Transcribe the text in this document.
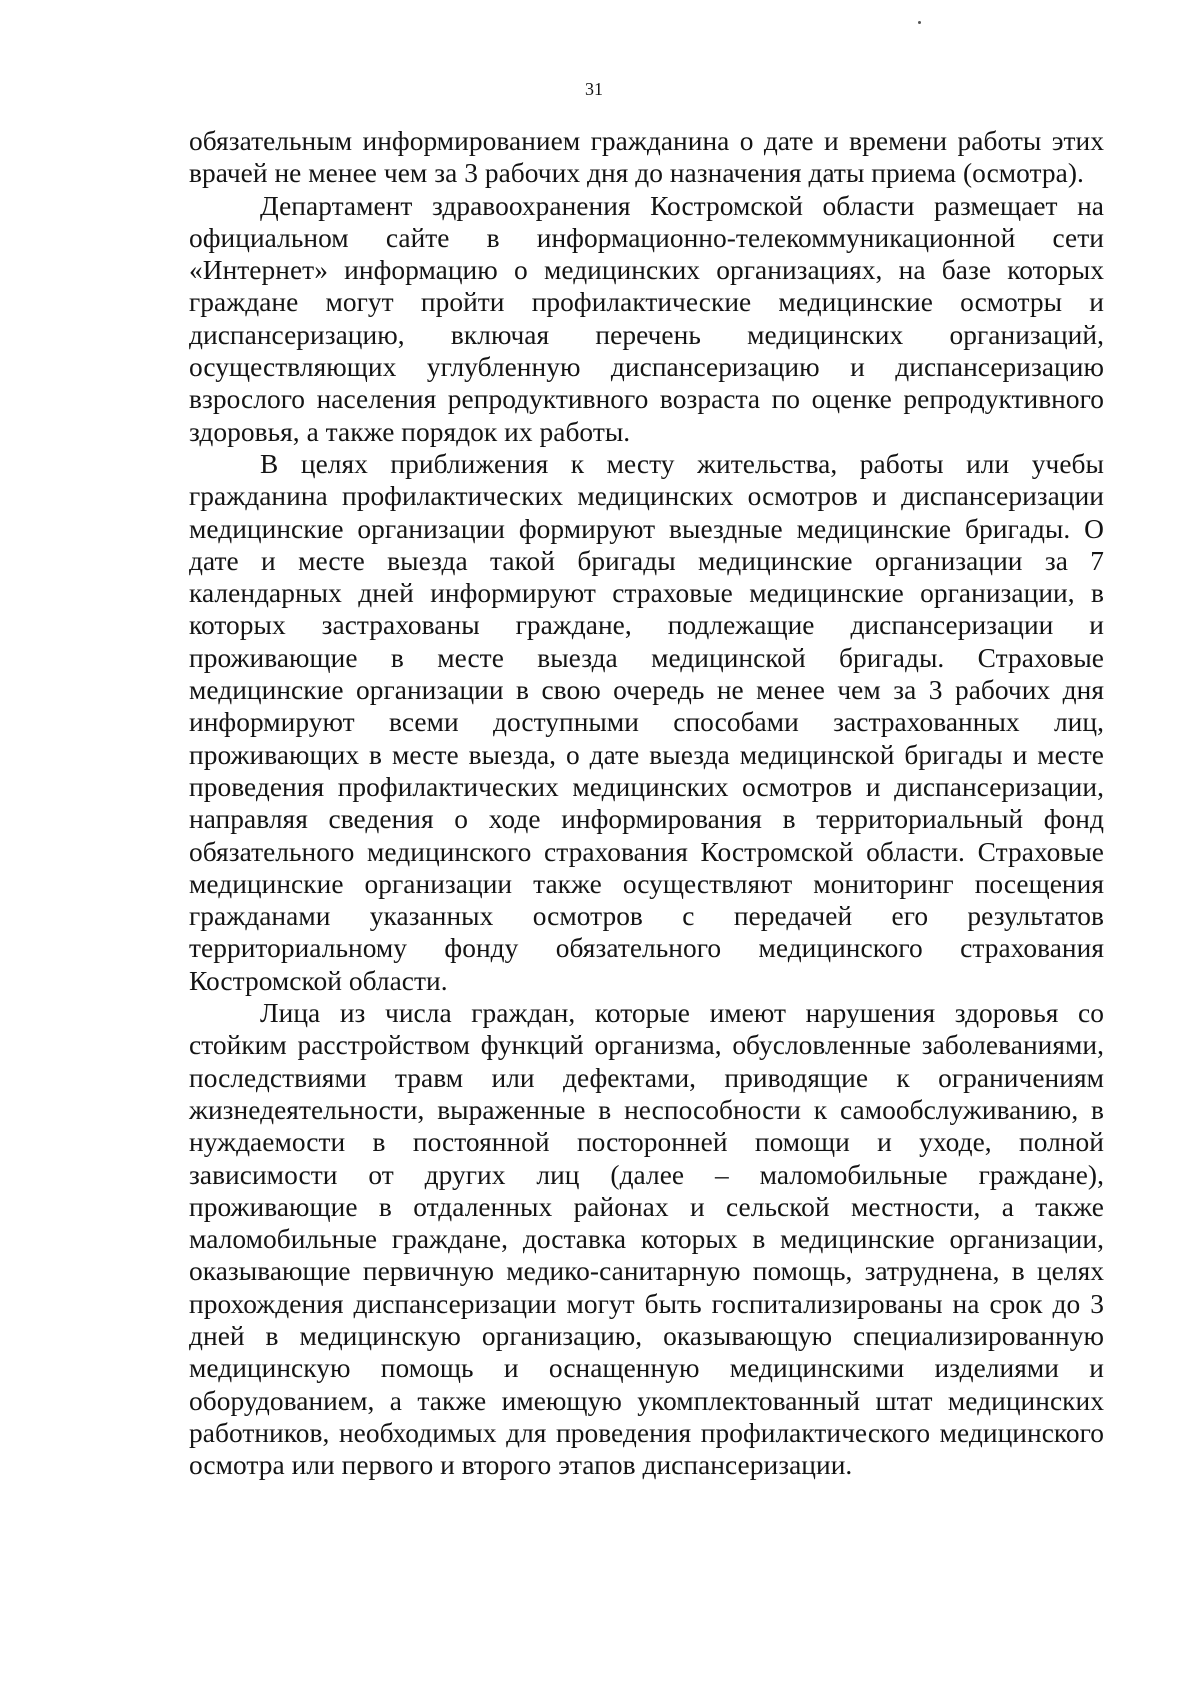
31

обязательным информированием гражданина о дате и времени работы этих врачей не менее чем за 3 рабочих дня до назначения даты приема (осмотра).

Департамент здравоохранения Костромской области размещает на официальном сайте в информационно-телекоммуникационной сети «Интернет» информацию о медицинских организациях, на базе которых граждане могут пройти профилактические медицинские осмотры и диспансеризацию, включая перечень медицинских организаций, осуществляющих углубленную диспансеризацию и диспансеризацию взрослого населения репродуктивного возраста по оценке репродуктивного здоровья, а также порядок их работы.

В целях приближения к месту жительства, работы или учебы гражданина профилактических медицинских осмотров и диспансеризации медицинские организации формируют выездные медицинские бригады. О дате и месте выезда такой бригады медицинские организации за 7 календарных дней информируют страховые медицинские организации, в которых застрахованы граждане, подлежащие диспансеризации и проживающие в месте выезда медицинской бригады. Страховые медицинские организации в свою очередь не менее чем за 3 рабочих дня информируют всеми доступными способами застрахованных лиц, проживающих в месте выезда, о дате выезда медицинской бригады и месте проведения профилактических медицинских осмотров и диспансеризации, направляя сведения о ходе информирования в территориальный фонд обязательного медицинского страхования Костромской области. Страховые медицинские организации также осуществляют мониторинг посещения гражданами указанных осмотров с передачей его результатов территориальному фонду обязательного медицинского страхования Костромской области.

Лица из числа граждан, которые имеют нарушения здоровья со стойким расстройством функций организма, обусловленные заболеваниями, последствиями травм или дефектами, приводящие к ограничениям жизнедеятельности, выраженные в неспособности к самообслуживанию, в нуждаемости в постоянной посторонней помощи и уходе, полной зависимости от других лиц (далее – маломобильные граждане), проживающие в отдаленных районах и сельской местности, а также маломобильные граждане, доставка которых в медицинские организации, оказывающие первичную медико-санитарную помощь, затруднена, в целях прохождения диспансеризации могут быть госпитализированы на срок до 3 дней в медицинскую организацию, оказывающую специализированную медицинскую помощь и оснащенную медицинскими изделиями и оборудованием, а также имеющую укомплектованный штат медицинских работников, необходимых для проведения профилактического медицинского осмотра или первого и второго этапов диспансеризации.
